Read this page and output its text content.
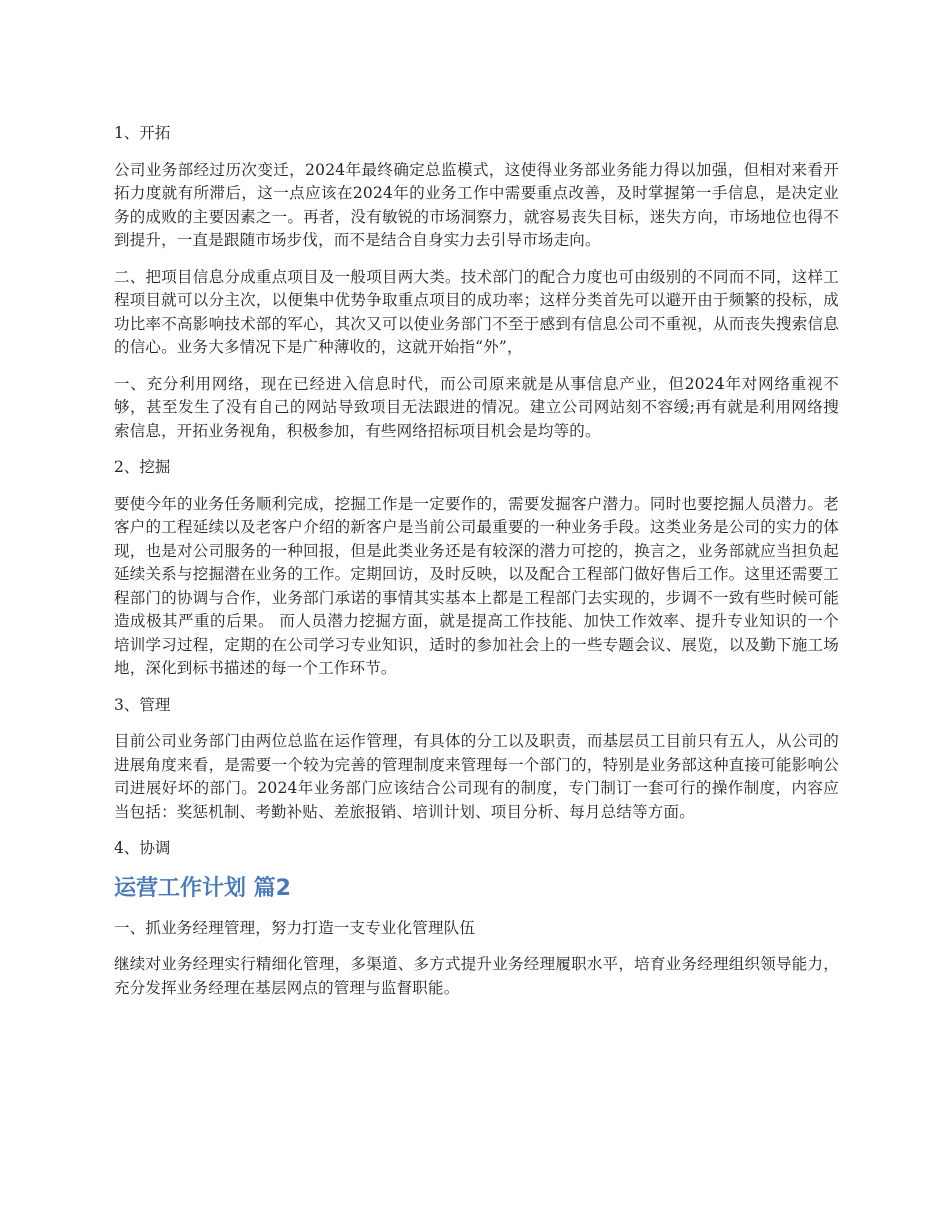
1、开拓

公司业务部经过历次变迁，2024年最终确定总监模式，这使得业务部业务能力得以加强，但相对来看开拓力度就有所滞后，这一点应该在2024年的业务工作中需要重点改善，及时掌握第一手信息，是决定业务的成败的主要因素之一。再者，没有敏锐的市场洞察力，就容易丧失目标，迷失方向，市场地位也得不到提升，一直是跟随市场步伐，而不是结合自身实力去引导市场走向。

二、把项目信息分成重点项目及一般项目两大类。技术部门的配合力度也可由级别的不同而不同，这样工程项目就可以分主次，以便集中优势争取重点项目的成功率；这样分类首先可以避开由于频繁的投标，成功比率不高影响技术部的军心，其次又可以使业务部门不至于感到有信息公司不重视，从而丧失搜索信息的信心。业务大多情况下是广种薄收的，这就开始指“外”，

一、充分利用网络，现在已经进入信息时代，而公司原来就是从事信息产业，但2024年对网络重视不够，甚至发生了没有自己的网站导致项目无法跟进的情况。建立公司网站刻不容缓;再有就是利用网络搜索信息，开拓业务视角，积极参加，有些网络招标项目机会是均等的。

2、挖掘

要使今年的业务任务顺利完成，挖掘工作是一定要作的，需要发掘客户潜力。同时也要挖掘人员潜力。老客户的工程延续以及老客户介绍的新客户是当前公司最重要的一种业务手段。这类业务是公司的实力的体现，也是对公司服务的一种回报，但是此类业务还是有较深的潜力可挖的，换言之，业务部就应当担负起延续关系与挖掘潜在业务的工作。定期回访，及时反映，以及配合工程部门做好售后工作。这里还需要工程部门的协调与合作，业务部门承诺的事情其实基本上都是工程部门去实现的，步调不一致有些时候可能造成极其严重的后果。 而人员潜力挖掘方面，就是提高工作技能、加快工作效率、提升专业知识的一个培训学习过程，定期的在公司学习专业知识，适时的参加社会上的一些专题会议、展览，以及勤下施工场地，深化到标书描述的每一个工作环节。

3、管理

目前公司业务部门由两位总监在运作管理，有具体的分工以及职责，而基层员工目前只有五人，从公司的进展角度来看，是需要一个较为完善的管理制度来管理每一个部门的，特别是业务部这种直接可能影响公司进展好坏的部门。2024年业务部门应该结合公司现有的制度，专门制订一套可行的操作制度，内容应当包括：奖惩机制、考勤补贴、差旅报销、培训计划、项目分析、每月总结等方面。

4、协调

运营工作计划 篇2

一、抓业务经理管理，努力打造一支专业化管理队伍

继续对业务经理实行精细化管理，多渠道、多方式提升业务经理履职水平，培育业务经理组织领导能力，充分发挥业务经理在基层网点的管理与监督职能。
